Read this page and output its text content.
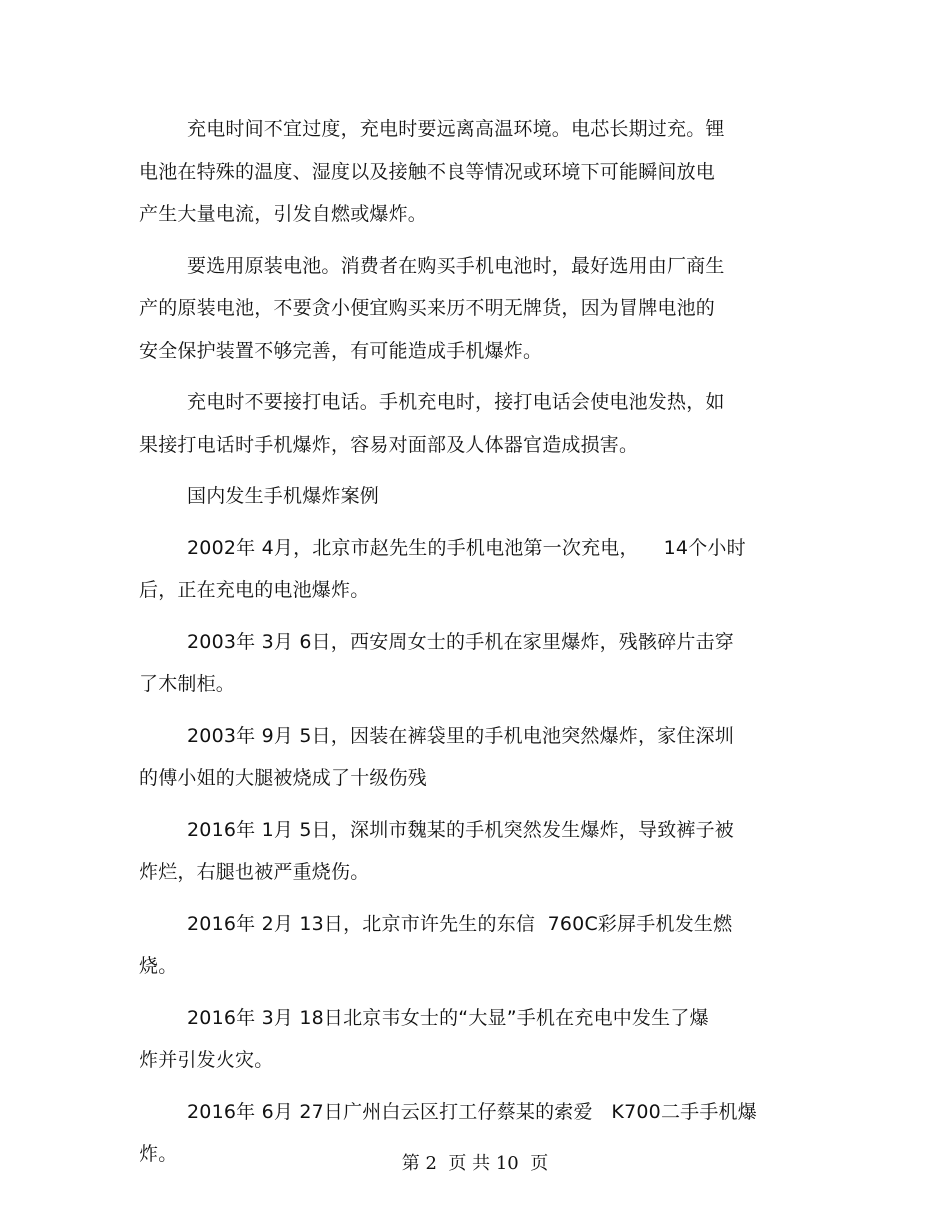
充电时间不宜过度，充电时要远离高温环境。电芯长期过充。锂
电池在特殊的温度、湿度以及接触不良等情况或环境下可能瞬间放电
产生大量电流，引发自燃或爆炸。

要选用原装电池。消费者在购买手机电池时，最好选用由厂商生
产的原装电池，不要贪小便宜购买来历不明无牌货，因为冒牌电池的
安全保护装置不够完善，有可能造成手机爆炸。

充电时不要接打电话。手机充电时，接打电话会使电池发热，如
果接打电话时手机爆炸，容易对面部及人体器官造成损害。

国内发生手机爆炸案例

2002年 4月，北京市赵先生的手机电池第一次充电，    14个小时
后，正在充电的电池爆炸。

2003年 3月 6日，西安周女士的手机在家里爆炸，残骸碎片击穿
了木制柜。

2003年 9月 5日，因装在裤袋里的手机电池突然爆炸，家住深圳
的傅小姐的大腿被烧成了十级伤残

2016年 1月 5日，深圳市魏某的手机突然发生爆炸，导致裤子被
炸烂，右腿也被严重烧伤。

2016年 2月 13日，北京市许先生的东信  760C彩屏手机发生燃
烧。

2016年 3月 18日北京韦女士的“大显”手机在充电中发生了爆
炸并引发火灾。

2016年 6月 27日广州白云区打工仔蔡某的索爱   K700二手手机爆
炸。	第 2  页 共 10  页
